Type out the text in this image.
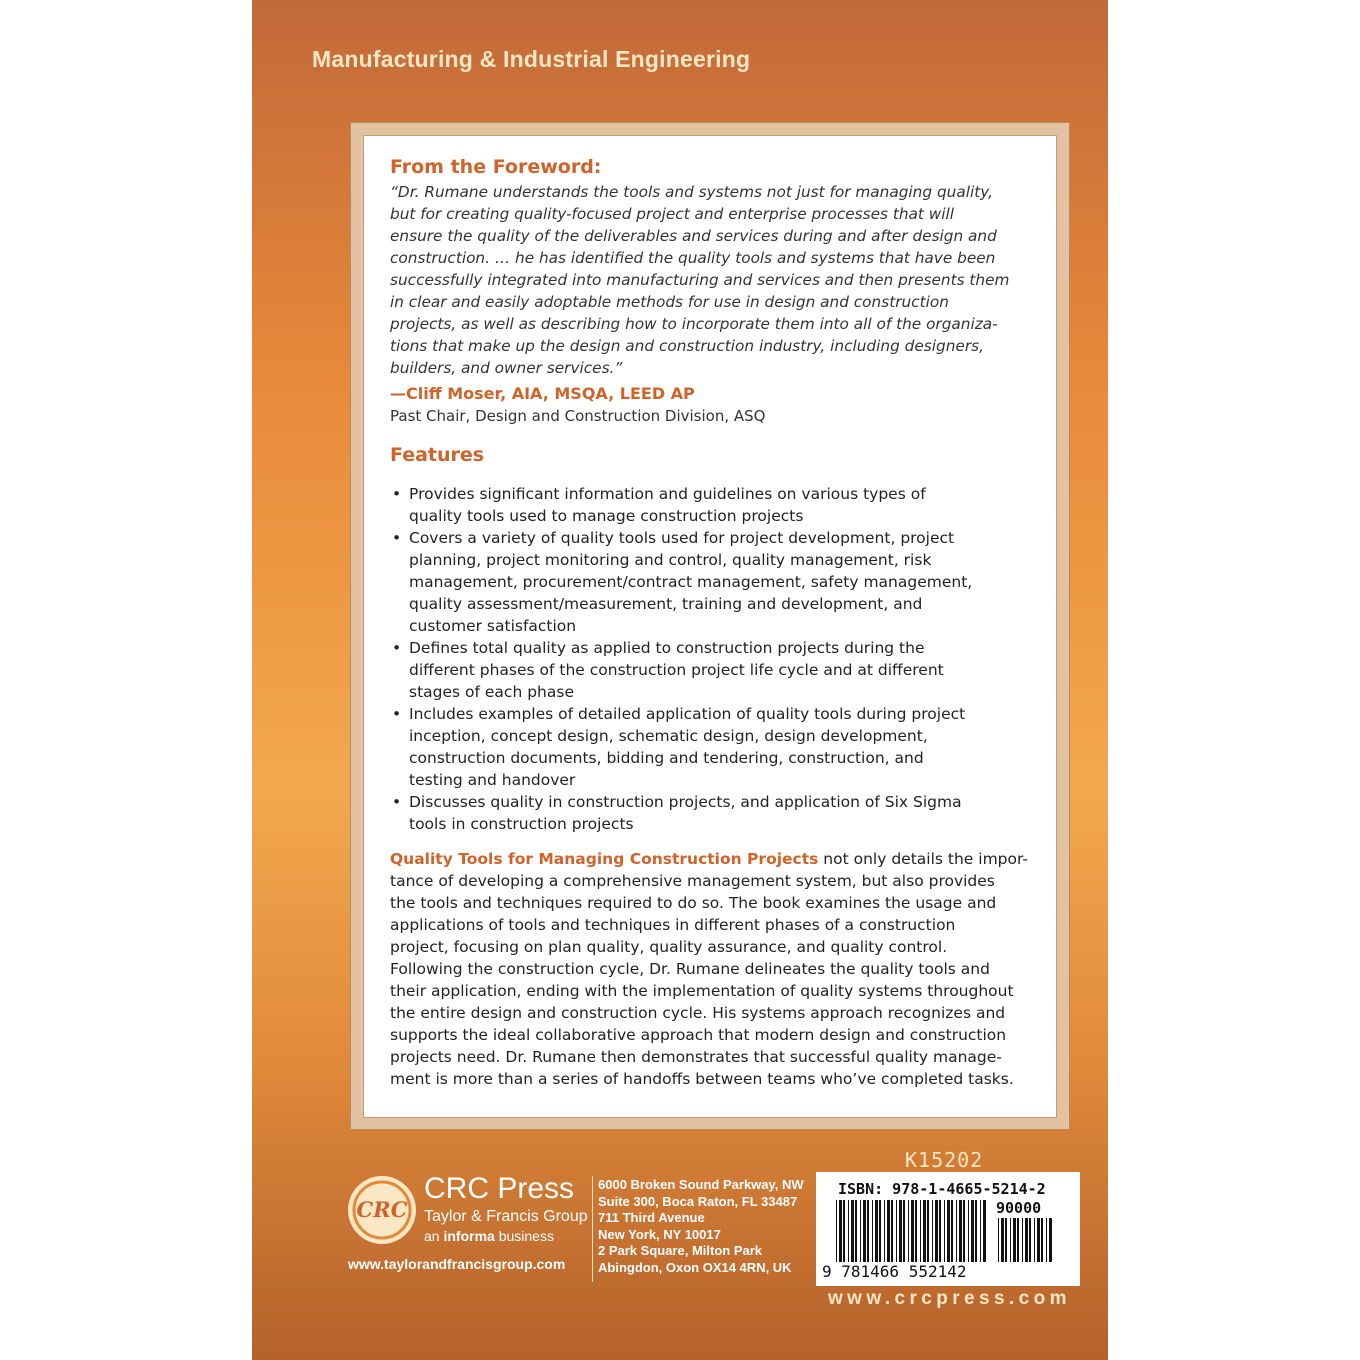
Manufacturing & Industrial Engineering
From the Foreword:
“Dr. Rumane understands the tools and systems not just for managing quality,
but for creating quality-focused project and enterprise processes that will
ensure the quality of the deliverables and services during and after design and
construction. … he has identified the quality tools and systems that have been
successfully integrated into manufacturing and services and then presents them
in clear and easily adoptable methods for use in design and construction
projects, as well as describing how to incorporate them into all of the organiza-
tions that make up the design and construction industry, including designers,
builders, and owner services.”
—Cliff Moser, AIA, MSQA, LEED AP
Past Chair, Design and Construction Division, ASQ
Features
• Provides significant information and guidelines on various types of
quality tools used to manage construction projects
• Covers a variety of quality tools used for project development, project
planning, project monitoring and control, quality management, risk
management, procurement/contract management, safety management,
quality assessment/measurement, training and development, and
customer satisfaction
• Defines total quality as applied to construction projects during the
different phases of the construction project life cycle and at different
stages of each phase
• Includes examples of detailed application of quality tools during project
inception, concept design, schematic design, design development,
construction documents, bidding and tendering, construction, and
testing and handover
• Discusses quality in construction projects, and application of Six Sigma
tools in construction projects
Quality Tools for Managing Construction Projects not only details the impor-
tance of developing a comprehensive management system, but also provides
the tools and techniques required to do so. The book examines the usage and
applications of tools and techniques in different phases of a construction
project, focusing on plan quality, quality assurance, and quality control.
Following the construction cycle, Dr. Rumane delineates the quality tools and
their application, ending with the implementation of quality systems throughout
the entire design and construction cycle. His systems approach recognizes and
supports the ideal collaborative approach that modern design and construction
projects need. Dr. Rumane then demonstrates that successful quality manage-
ment is more than a series of handoffs between teams who’ve completed tasks.
CRC
CRC Press
Taylor & Francis Group
an informa business
www.taylorandfrancisgroup.com
6000 Broken Sound Parkway, NW
Suite 300, Boca Raton, FL 33487
711 Third Avenue
New York, NY 10017
2 Park Square, Milton Park
Abingdon, Oxon OX14 4RN, UK
K15202
ISBN: 978-1-4665-5214-2
90000
9 781466 552142
www.crcpress.com
